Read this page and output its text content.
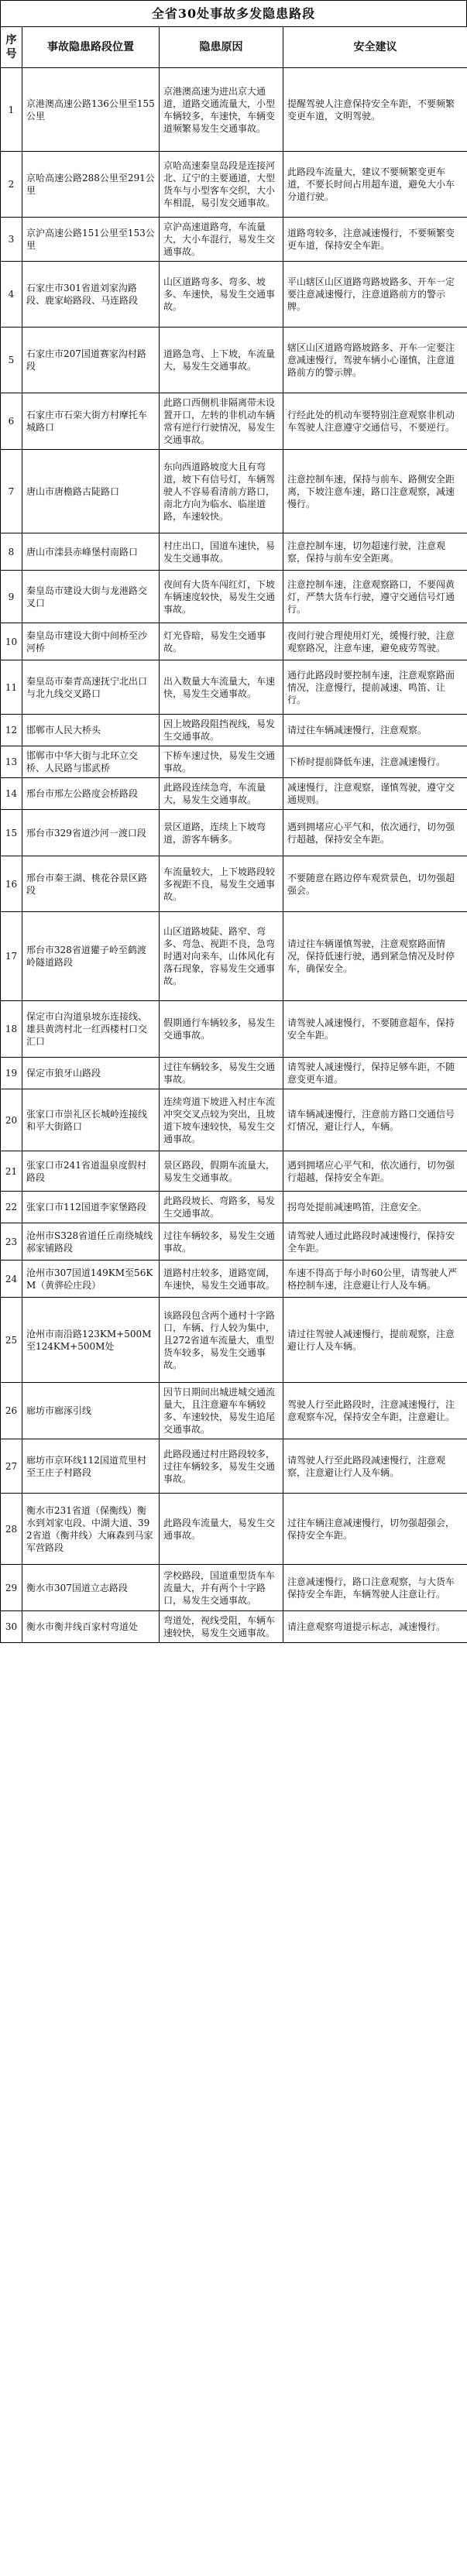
全省30处事故多发隐患路段
序号	事故隐患路段位置	隐患原因	安全建议
1	京港澳高速公路136公里至155公里	京港澳高速为进出京大通道，道路交通流量大，小型车辆较多，车速快，车辆变道频繁易发生交通事故。	提醒驾驶人注意保持安全车距，不要频繁变更车道，文明驾驶。
2	京哈高速公路288公里至291公里	京哈高速秦皇岛段是连接河北、辽宁的主要通道，大型货车与小型客车交织，大小车相混，易引发交通事故。	此路段车流量大，建议不要频繁变更车道，不要长时间占用超车道，避免大小车分道行驶。
3	京沪高速公路151公里至153公里	京沪高速道路弯，车流量大，大小车混行，易发生交通事故。	道路弯较多，注意减速慢行，不要频繁变更车道，保持安全车距。
4	石家庄市301省道刘家沟路段、鹿家峪路段、马连路段	山区道路弯多、弯多、坡多、车速快，易发生交通事故。	平山辖区山区道路弯路坡路多、开车一定要注意减速慢行，注意道路前方的警示牌。
5	石家庄市207国道赛家沟村路段	道路急弯、上下坡，车流量大，易发生交通事故。	辖区山区道路弯路坡路多、开车一定要注意减速慢行，驾驶车辆小心谨慎，注意道路前方的警示牌。
6	石家庄市石栾大街方村摩托车城路口	此路口西侧机非隔离带未设置开口，左转的非机动车辆常有逆行行驶情况，易发生交通事故。	行经此处的机动车要特别注意观察非机动车驾驶人注意遵守交通信号，不要逆行。
7	唐山市唐檐路古陡路口	东向西道路坡度大且有弯道，坡下有信号灯，车辆驾驶人不容易看清前方路口，南北方向为临水、临崖道路，车速较快。	注意控制车速，保持与前车、路侧安全距离，下坡注意车速，路口注意观察，减速慢行。
8	唐山市滦县赤峰堡村南路口	村庄出口，国道车速快，易发生交通事故。	注意控制车速，切勿超速行驶，注意观察，保持与前车安全距离。
9	秦皇岛市建设大街与龙港路交叉口	夜间有大货车闯红灯，下坡车辆速度较快，易发生交通事故。	注意控制车速，注意观察路口，不要闯黄灯，严禁大货车行驶，遵守交通信号灯通行。
10	秦皇岛市建设大街中间桥至沙河桥	灯光昏暗，易发生交通事故。	夜间行驶合理使用灯光，缓慢行驶，注意观察路况，注意车速，避免疲劳驾驶。
11	秦皇岛市秦青高速抚宁北出口与北九线交叉路口	出入数量大车流量大，车速快，易发生交通事故。	通行此路段时要控制车速，注意观察路面情况，注意慢行，提前减速、鸣笛、让行。
12	邯郸市人民大桥头	因上坡路段阻挡视线，易发生交通事故。	请过往车辆减速慢行，注意观察。
13	邯郸市中华大街与北环立交桥、人民路与邯武桥	下桥车速过快，易发生交通事故。	下桥时提前降低车速，注意减速慢行。
14	邢台市邢左公路度会桥路段	此路段连续急弯，车流量大，易发生交通事故。	减速慢行，注意观察，谨慎驾驶，遵守交通规则。
15	邢台市329省道沙河一渡口段	景区道路，连续上下坡弯道，游客车辆多。	遇到拥堵应心平气和，依次通行，切勿强行超越，保持安全车距。
16	邢台市秦王湖、桃花谷景区路段	车流量较大，上下坡路段较多视距不良，易发生交通事故。	不要随意在路边停车观赏景色，切勿强超强会。
17	邢台市328省道獾子岭至鹤渡岭隧道路段	山区道路坡陡、路窄、弯多、弯急、视距不良，急弯时遇对向来车，山体风化有落石现象，容易发生交通事故。	请过往车辆谨慎驾驶，注意观察路面情况，保持低速行驶，遇到紧急情况及时停车，确保安全。
18	保定市白沟道泉坡东连接线、雄县黄湾村北一红西楼村口交汇口	假期通行车辆较多，易发生交通事故。	请驾驶人减速慢行，不要随意超车，保持安全车距。
19	保定市狼牙山路段	过往车辆较多，易发生交通事故。	请驾驶人减速慢行，保持足够车距，不随意变更车道。
20	张家口市崇礼区长城岭连接线和平大街路口	连续弯道下坡进入村庄车流冲突交叉点较为突出，且坡道下坡车速较快，易发生交通事故。	请车辆减速慢行，注意前方路口交通信号灯情况，避让行人，车辆。
21	张家口市241省道温泉度假村路段	景区路段，假期车流量大，易发生交通事故。	遇到拥堵应心平气和，依次通行，切勿强行超越，保持安全车距。
22	张家口市112国道李家堡路段	此路段坡长、弯路多，易发生交通事故。	拐弯处提前减速鸣笛，注意安全。
23	沧州市S328省道任丘南绕城线郝家铺路段	过往车辆较多，易发生交通事故。	请驾驶人通过此路段时减速慢行，保持安全车距。
24	沧州市307国道149KM至56KM（黄骅砼庄段）	道路村庄较多，道路宽阔，车速快，易发生交通事故。	车速不得高于每小时60公里，请驾驶人严格控制车速，注意避让行人及车辆。
25	沧州市南沿路123KM+500M至124KM+500M处	该路段包含两个通村十字路口，车辆、行人较为集中，且272省道车流量大，重型货车较多，易发生交通事故。	请过往驾驶人减速慢行，提前观察，注意避让行人及车辆。
26	廊坊市廊涿引线	因节日期间出城进城交通流量大，且注意避车车辆较多、车速较快，易发生追尾交通事故。	驾驶人行至此路段时，注意减速慢行，注意观察车况，保持安全车距，注意避让。
27	廊坊市京环线112国道荒里村至王庄子村路段	此路段通过村庄路段较多，过往车辆较多，易发生交通事故。	请驾驶人行至此路段减速慢行，注意观察，注意避让行人及车辆。
28	衡水市231省道（保衡线）衡水到刘家屯段、中湖大道、392省道（衡井线）大麻森到马家军营路段	此路段车流量大，易发生交通事故。	过往车辆注意减速慢行，切勿强超强会，保持安全车距。
29	衡水市307国道立志路段	学校路段，国道重型货车车流量大，并有两个十字路口，易发生交通事故。	注意减速慢行，路口注意观察，与大货车保持安全车距，车辆驾驶人注意让行。
30	衡水市衡井线百家村弯道处	弯道处，视线受阻，车辆车速较快，易发生交通事故。	请注意观察弯道提示标志，减速慢行。
